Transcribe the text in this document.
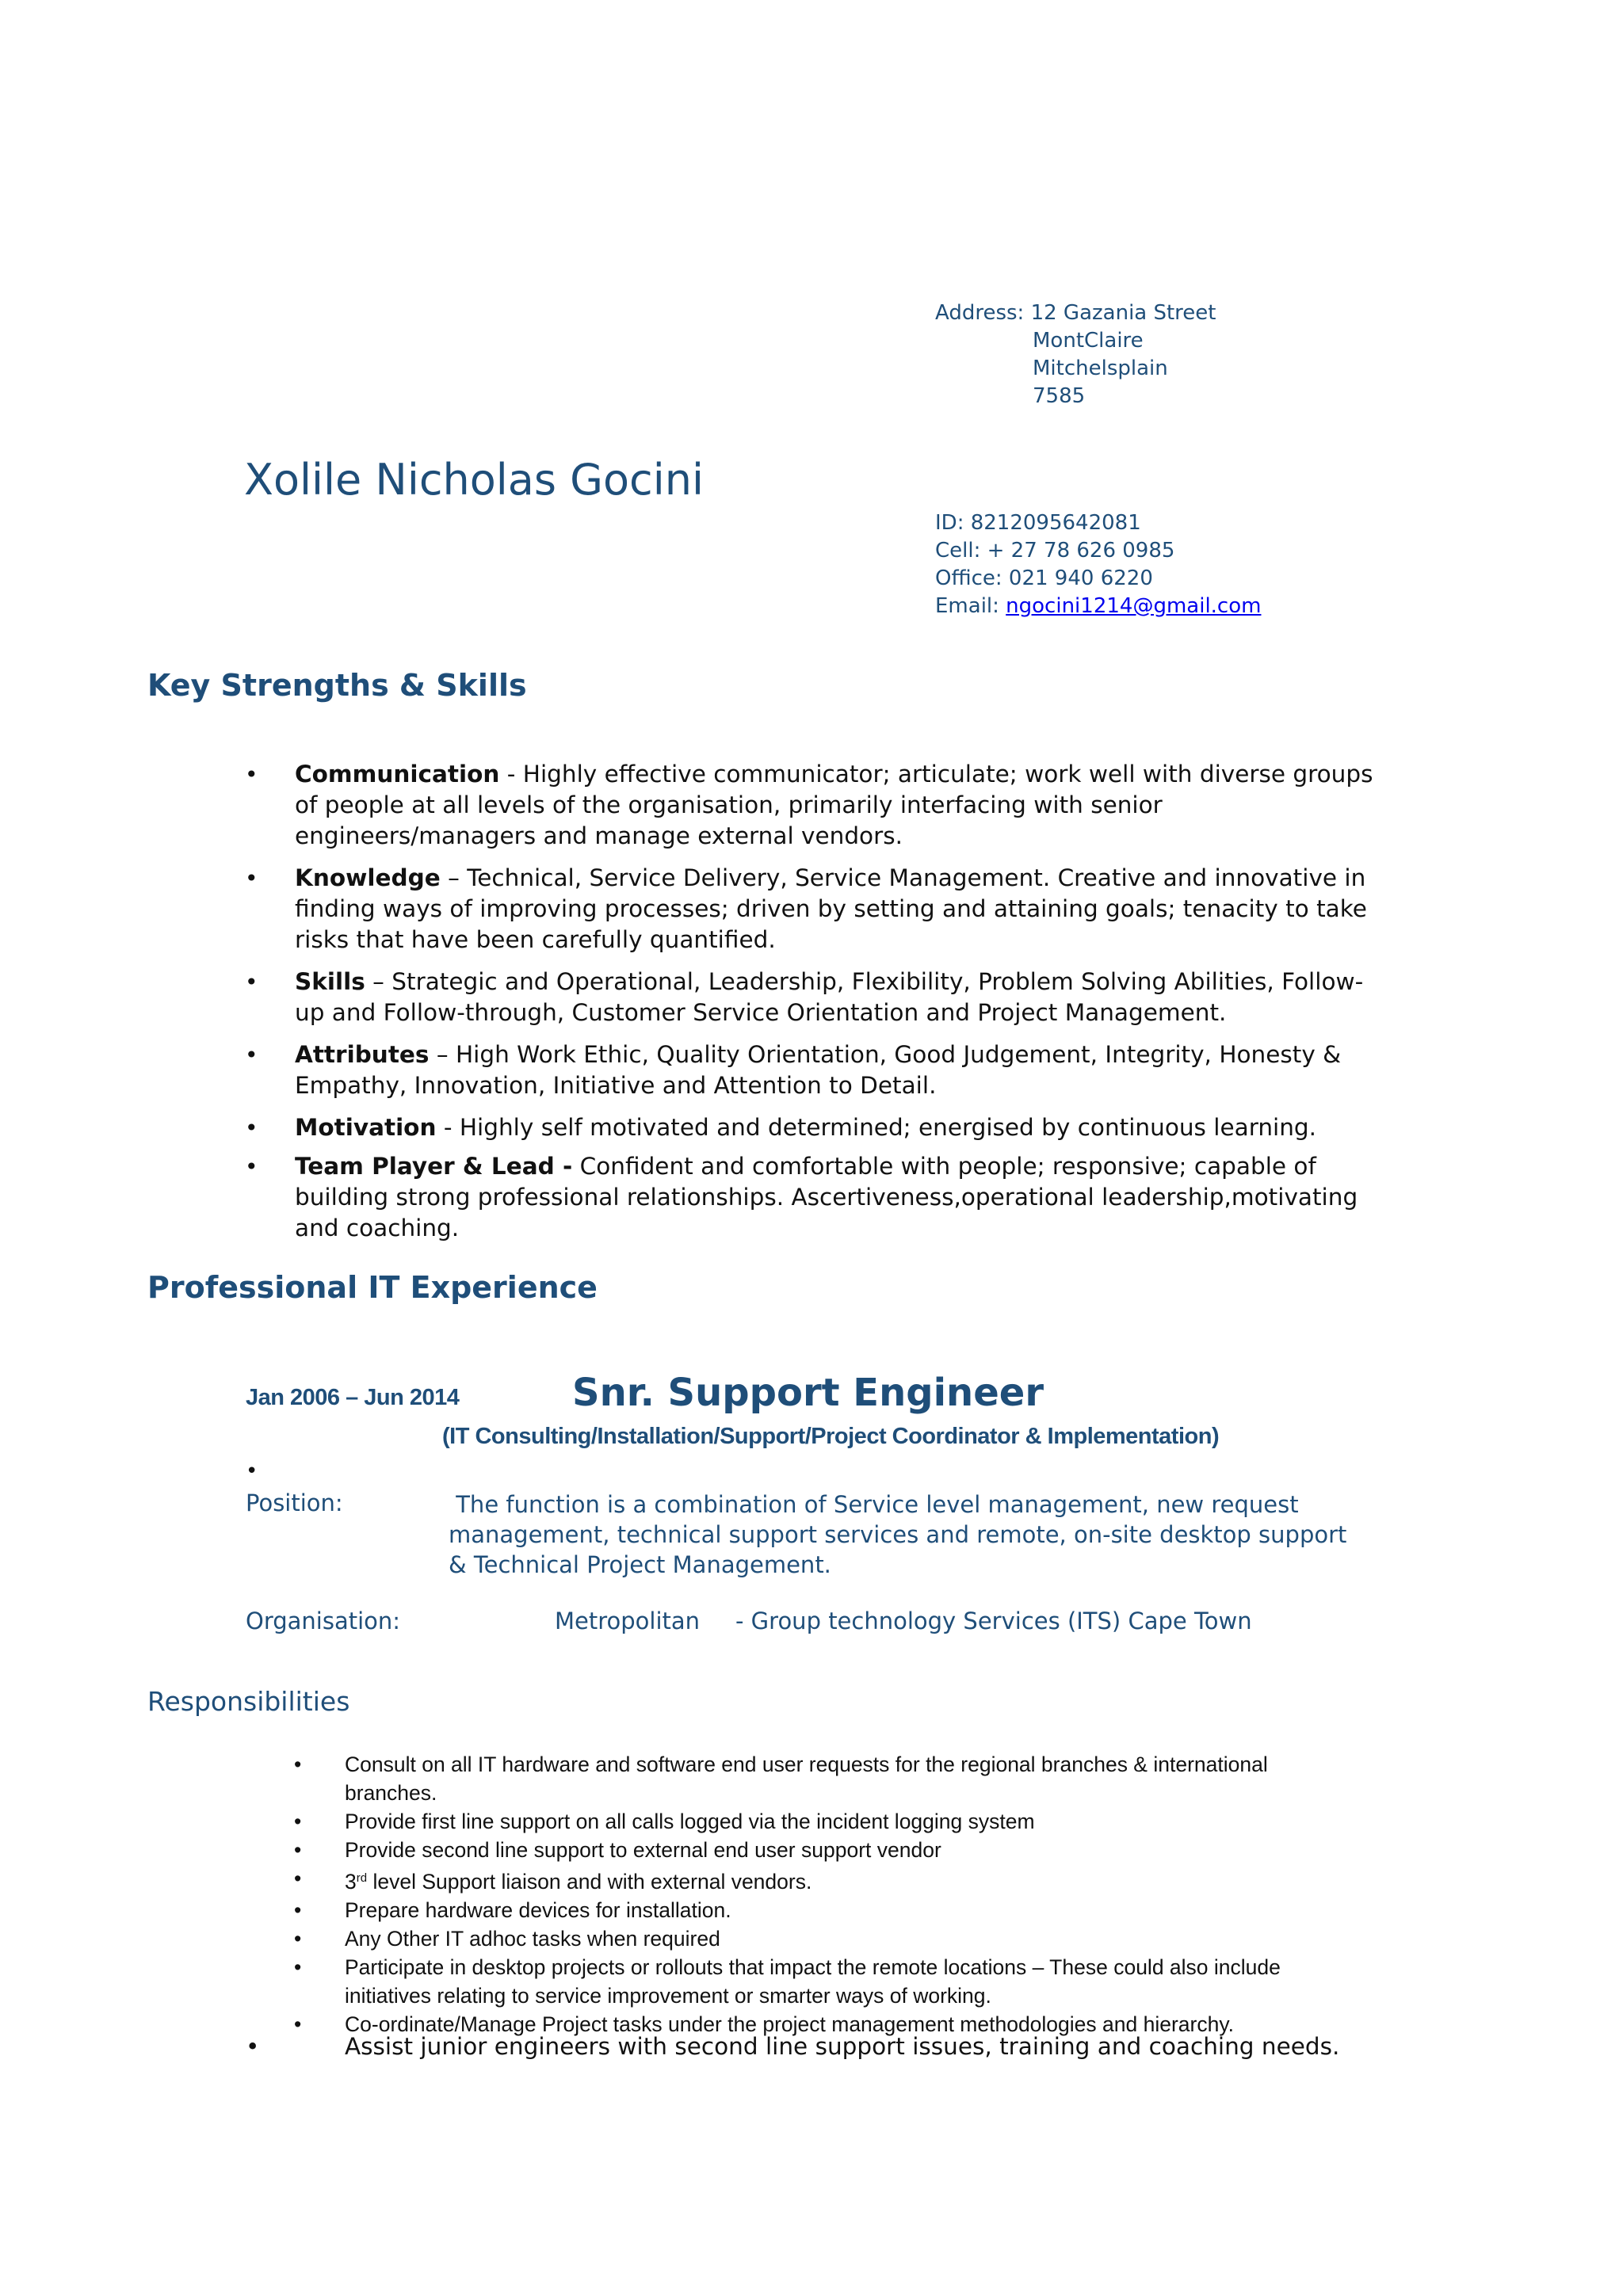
Address: 12 Gazania Street
MontClaire
Mitchelsplain
7585
Xolile Nicholas Gocini
ID: 8212095642081
Cell: + 27 78 626 0985
Office: 021 940 6220
Email: ngocini1214@gmail.com
Key Strengths & Skills
• Communication - Highly effective communicator; articulate; work well with diverse groups of people at all levels of the organisation, primarily interfacing with senior engineers/managers and manage external vendors.
• Knowledge – Technical, Service Delivery, Service Management. Creative and innovative in finding ways of improving processes; driven by setting and attaining goals; tenacity to take risks that have been carefully quantified.
• Skills – Strategic and Operational, Leadership, Flexibility, Problem Solving Abilities, Follow-up and Follow-through, Customer Service Orientation and Project Management.
• Attributes – High Work Ethic, Quality Orientation, Good Judgement, Integrity, Honesty & Empathy, Innovation, Initiative and Attention to Detail.
• Motivation - Highly self motivated and determined; energised by continuous learning.
• Team Player & Lead - Confident and comfortable with people; responsive; capable of building strong professional relationships. Ascertiveness,operational leadership,motivating and coaching.
Professional IT Experience
Jan 2006 – Jun 2014	Snr. Support Engineer
(IT Consulting/Installation/Support/Project Coordinator & Implementation)
•
Position:	The function is a combination of Service level management, new request management, technical support services and remote, on-site desktop support & Technical Project Management.
Organisation:	Metropolitan - Group technology Services (ITS) Cape Town
Responsibilities
• Consult on all IT hardware and software end user requests for the regional branches & international branches.
• Provide first line support on all calls logged via the incident logging system
• Provide second line support to external end user support vendor
• 3rd level Support liaison and with external vendors.
• Prepare hardware devices for installation.
• Any Other IT adhoc tasks when required
• Participate in desktop projects or rollouts that impact the remote locations – These could also include initiatives relating to service improvement or smarter ways of working.
• Co-ordinate/Manage Project tasks under the project management methodologies and hierarchy.
•	Assist junior engineers with second line support issues, training and coaching needs.
